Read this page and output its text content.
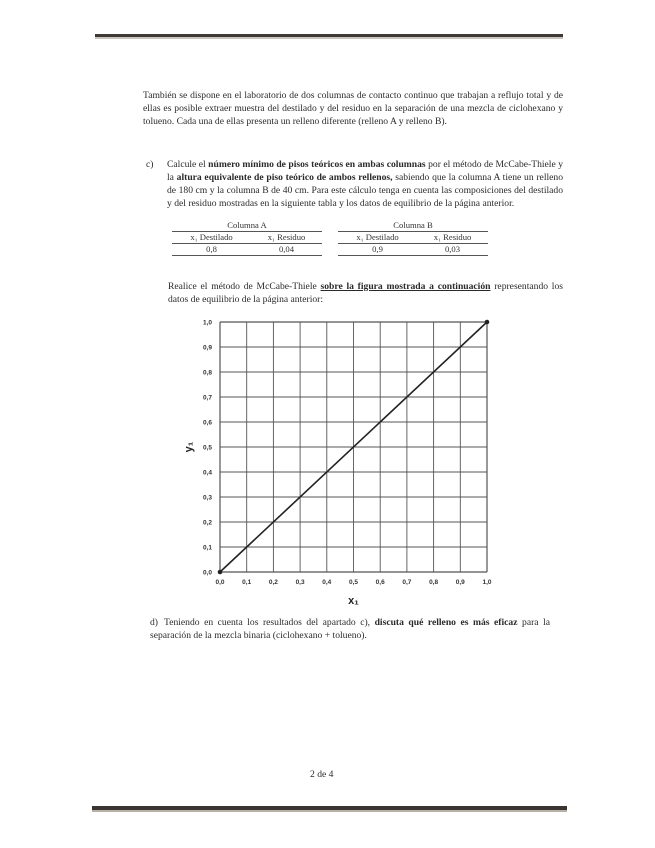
También se dispone en el laboratorio de dos columnas de contacto continuo que trabajan a reflujo total y de ellas es posible extraer muestra del destilado y del residuo en la separación de una mezcla de ciclohexano y tolueno. Cada una de ellas presenta un relleno diferente (relleno A y relleno B).
c) Calcule el número mínimo de pisos teóricos en ambas columnas por el método de McCabe-Thiele y la altura equivalente de piso teórico de ambos rellenos, sabiendo que la columna A tiene un relleno de 180 cm y la columna B de 40 cm. Para este cálculo tenga en cuenta las composiciones del destilado y del residuo mostradas en la siguiente tabla y los datos de equilibrio de la página anterior.
Columna A			Columna B	
x₁ Destilado	x₁ Residuo		x₁ Destilado	x₁ Residuo
0,8	0,04		0,9	0,03
Realice el método de McCabe-Thiele sobre la figura mostrada a continuación representando los datos de equilibrio de la página anterior:
0,0	0,1	0,2	0,3	0,4	0,5	0,6	0,7	0,8	0,9	1,0
0,0
0,1
0,2
0,3
0,4
0,5
0,6
0,7
0,8
0,9
1,0
x₁
y₁
d) Teniendo en cuenta los resultados del apartado c), discuta qué relleno es más eficaz para la separación de la mezcla binaria (ciclohexano + tolueno).
2 de 4
